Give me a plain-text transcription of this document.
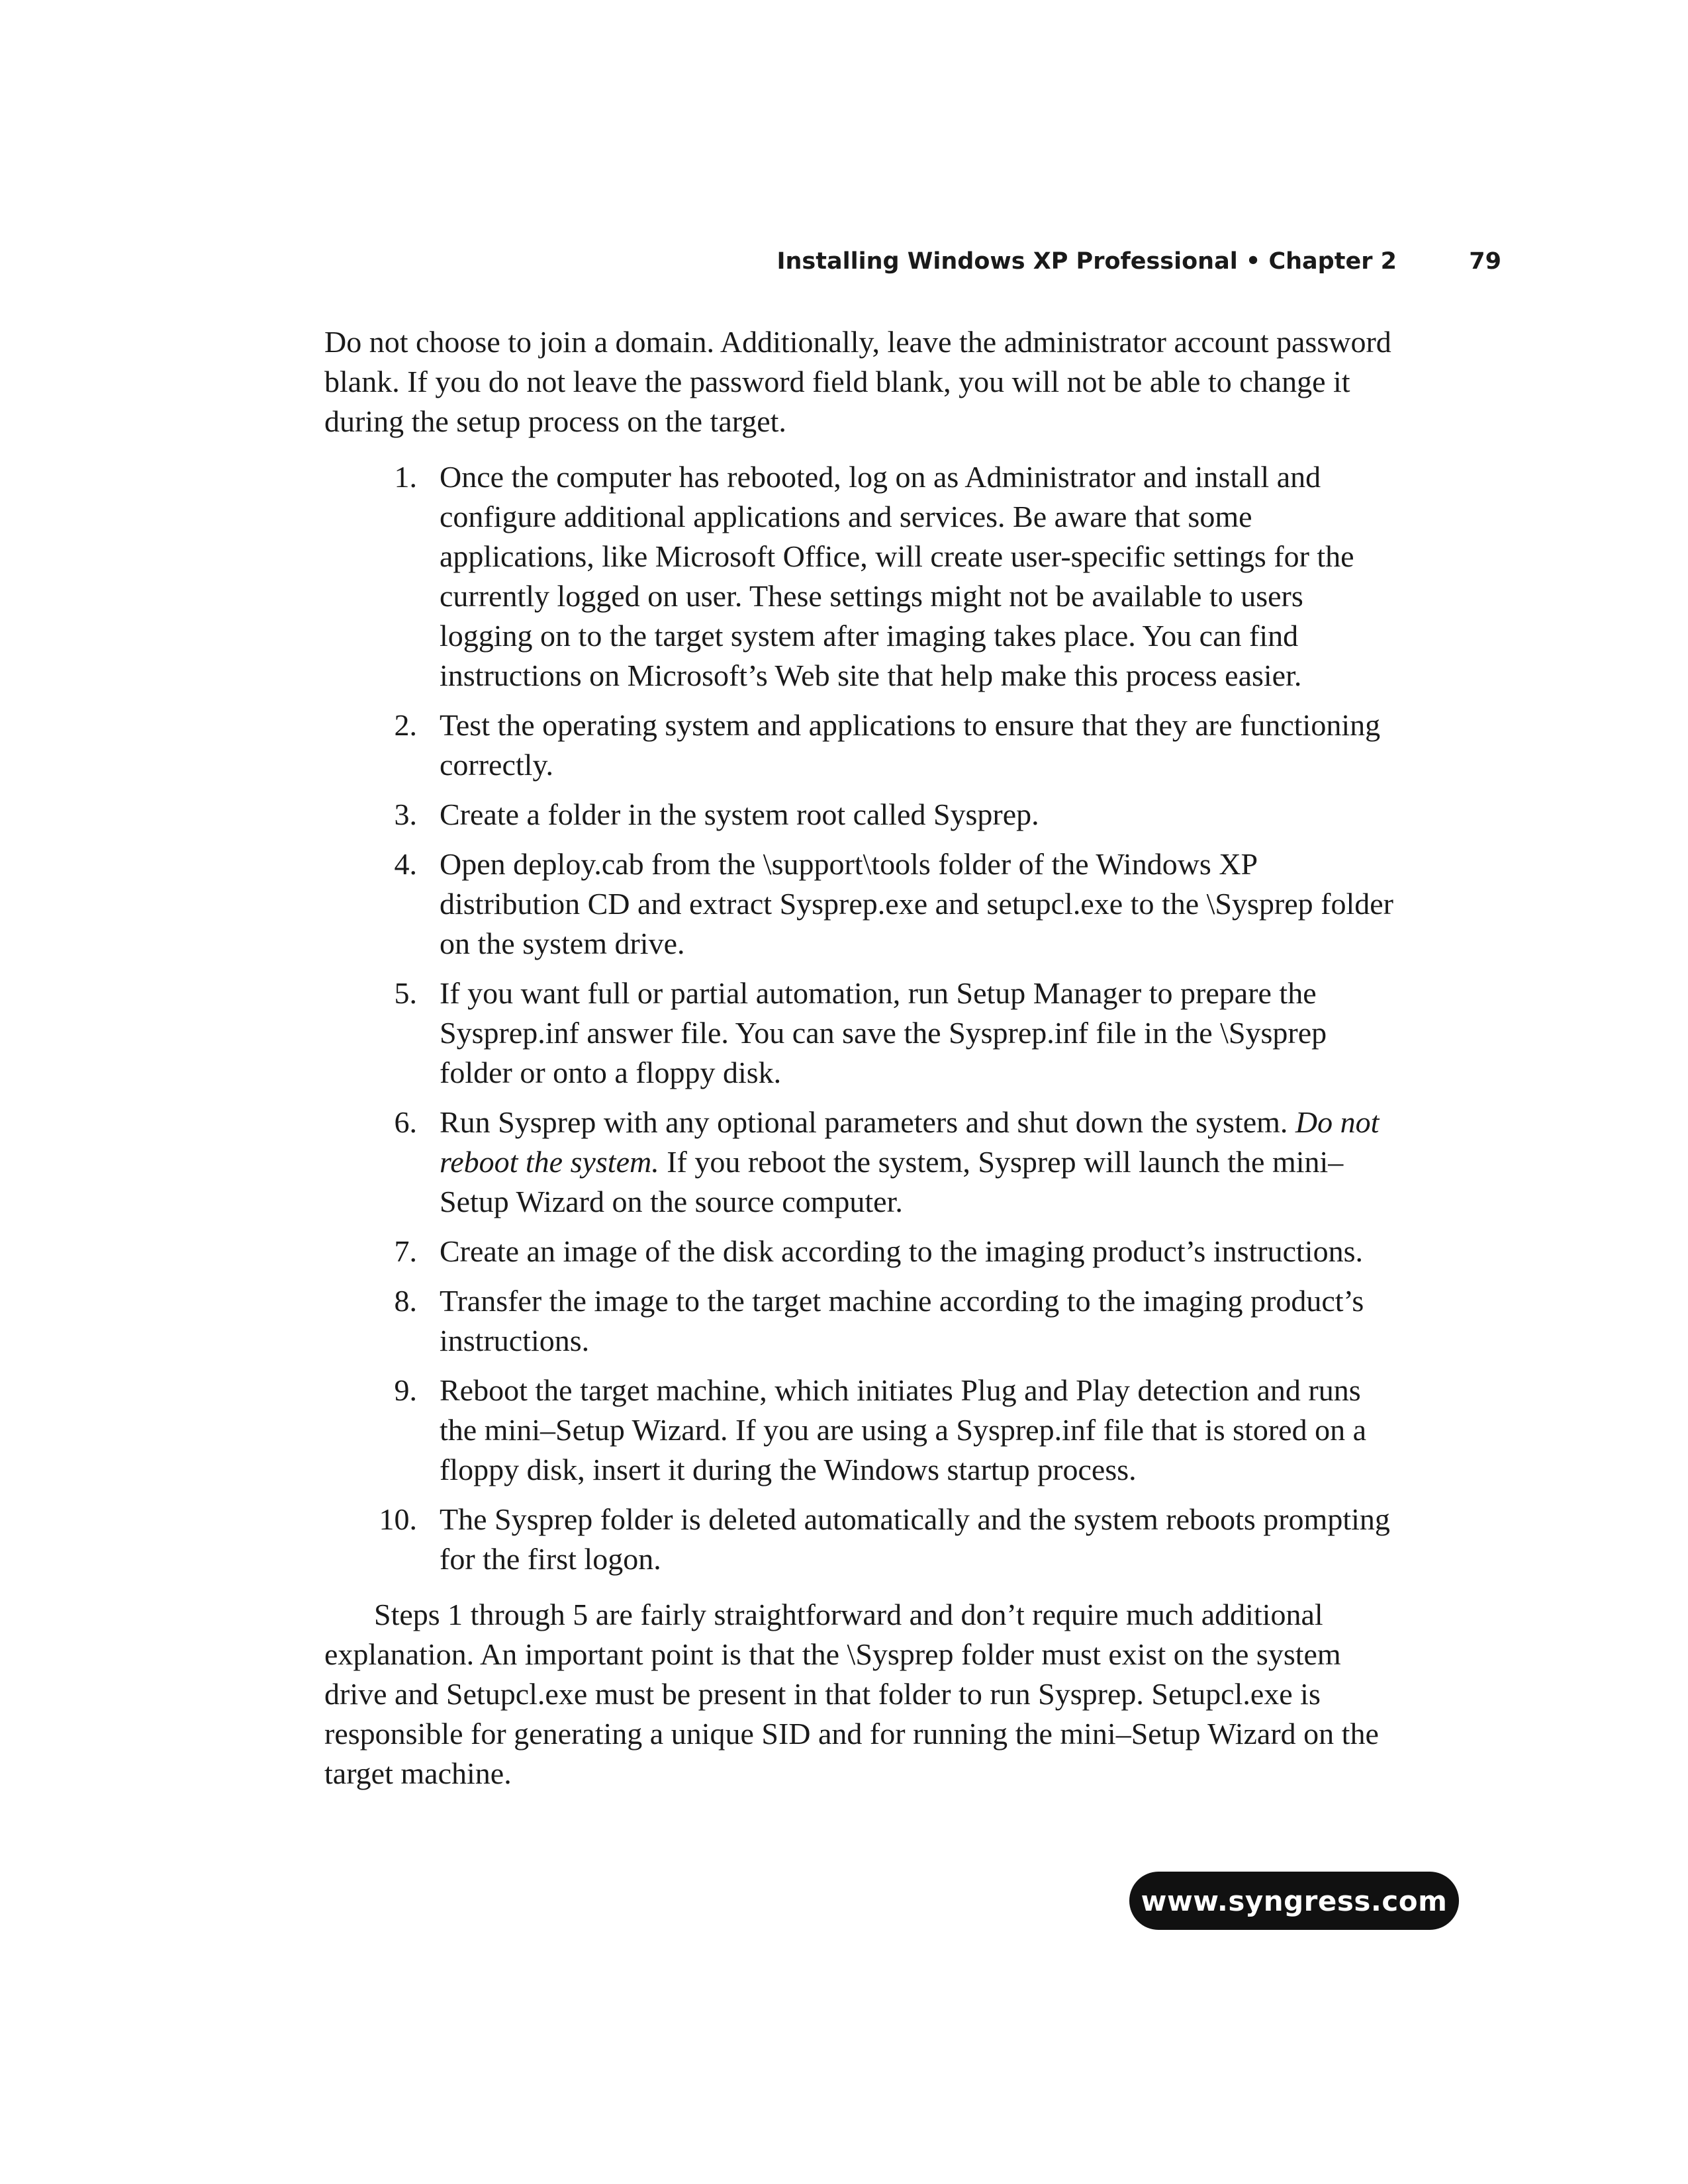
Installing Windows XP Professional • Chapter 2	79

Do not choose to join a domain. Additionally, leave the administrator account password blank. If you do not leave the password field blank, you will not be able to change it during the setup process on the target.

1. Once the computer has rebooted, log on as Administrator and install and configure additional applications and services. Be aware that some applications, like Microsoft Office, will create user-specific settings for the currently logged on user. These settings might not be available to users logging on to the target system after imaging takes place. You can find instructions on Microsoft’s Web site that help make this process easier.
2. Test the operating system and applications to ensure that they are functioning correctly.
3. Create a folder in the system root called Sysprep.
4. Open deploy.cab from the \support\tools folder of the Windows XP distribution CD and extract Sysprep.exe and setupcl.exe to the \Sysprep folder on the system drive.
5. If you want full or partial automation, run Setup Manager to prepare the Sysprep.inf answer file. You can save the Sysprep.inf file in the \Sysprep folder or onto a floppy disk.
6. Run Sysprep with any optional parameters and shut down the system. Do not reboot the system. If you reboot the system, Sysprep will launch the mini–Setup Wizard on the source computer.
7. Create an image of the disk according to the imaging product’s instructions.
8. Transfer the image to the target machine according to the imaging product’s instructions.
9. Reboot the target machine, which initiates Plug and Play detection and runs the mini–Setup Wizard. If you are using a Sysprep.inf file that is stored on a floppy disk, insert it during the Windows startup process.
10. The Sysprep folder is deleted automatically and the system reboots prompting for the first logon.

Steps 1 through 5 are fairly straightforward and don’t require much additional explanation. An important point is that the \Sysprep folder must exist on the system drive and Setupcl.exe must be present in that folder to run Sysprep. Setupcl.exe is responsible for generating a unique SID and for running the mini–Setup Wizard on the target machine.

www.syngress.com
